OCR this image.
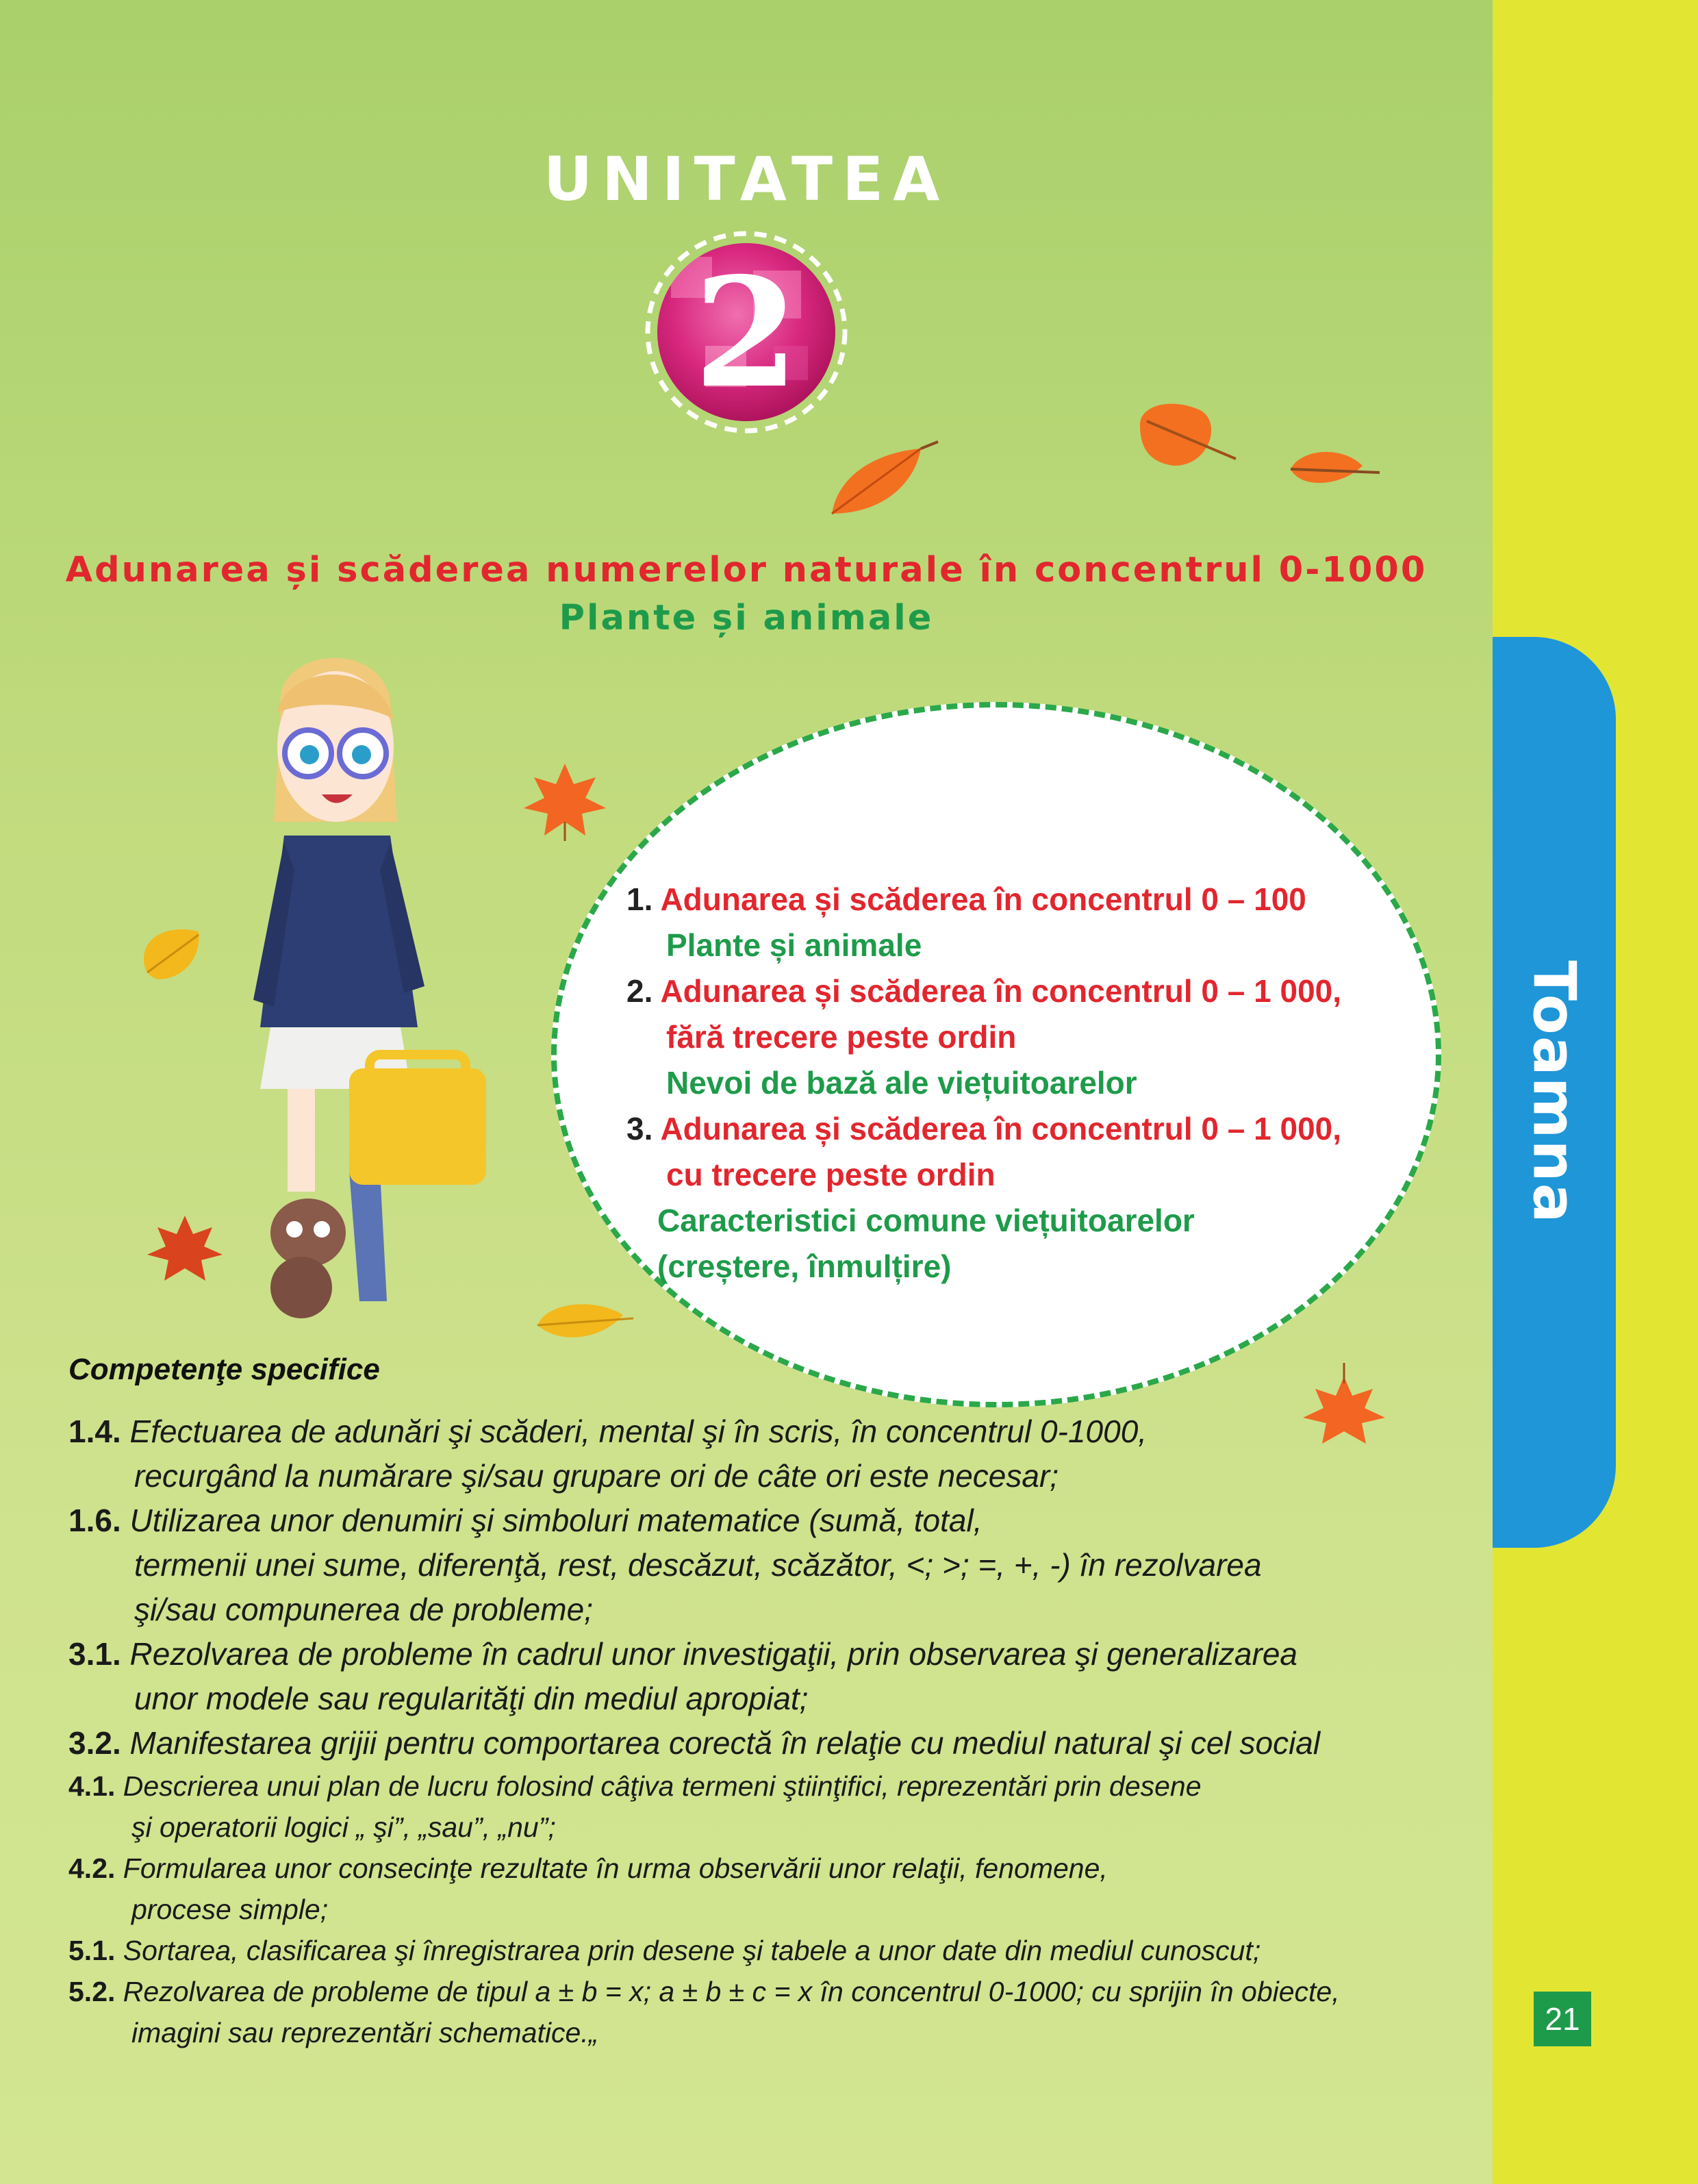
Toamna
21
UNITATEA
2
Adunarea și scăderea numerelor naturale în concentrul 0-1000
Plante și animale
1. Adunarea și scăderea în concentrul 0 – 100
Plante și animale
2. Adunarea și scăderea în concentrul 0 – 1 000,
fără trecere peste ordin
Nevoi de bază ale viețuitoarelor
3. Adunarea și scăderea în concentrul 0 – 1 000,
cu trecere peste ordin
Caracteristici comune viețuitoarelor
(creștere, înmulțire)
Competenţe specifice
1.4. Efectuarea de adunări şi scăderi, mental şi în scris, în concentrul 0-1000,
recurgând la numărare şi/sau grupare ori de câte ori este necesar;
1.6. Utilizarea unor denumiri şi simboluri matematice (sumă, total,
termenii unei sume, diferenţă, rest, descăzut, scăzător, <; >; =, +, -) în rezolvarea
şi/sau compunerea de probleme;
3.1. Rezolvarea de probleme în cadrul unor investigaţii, prin observarea şi generalizarea
unor modele sau regularităţi din mediul apropiat;
3.2. Manifestarea grijii pentru comportarea corectă în relaţie cu mediul natural şi cel social
4.1. Descrierea unui plan de lucru folosind câţiva termeni ştiinţifici, reprezentări prin desene
şi operatorii logici „ şi”, „sau”, „nu”;
4.2. Formularea unor consecinţe rezultate în urma observării unor relaţii, fenomene,
procese simple;
5.1. Sortarea, clasificarea şi înregistrarea prin desene şi tabele a unor date din mediul cunoscut;
5.2. Rezolvarea de probleme de tipul a ± b = x; a ± b ± c = x în concentrul 0-1000; cu sprijin în obiecte,
imagini sau reprezentări schematice.„
